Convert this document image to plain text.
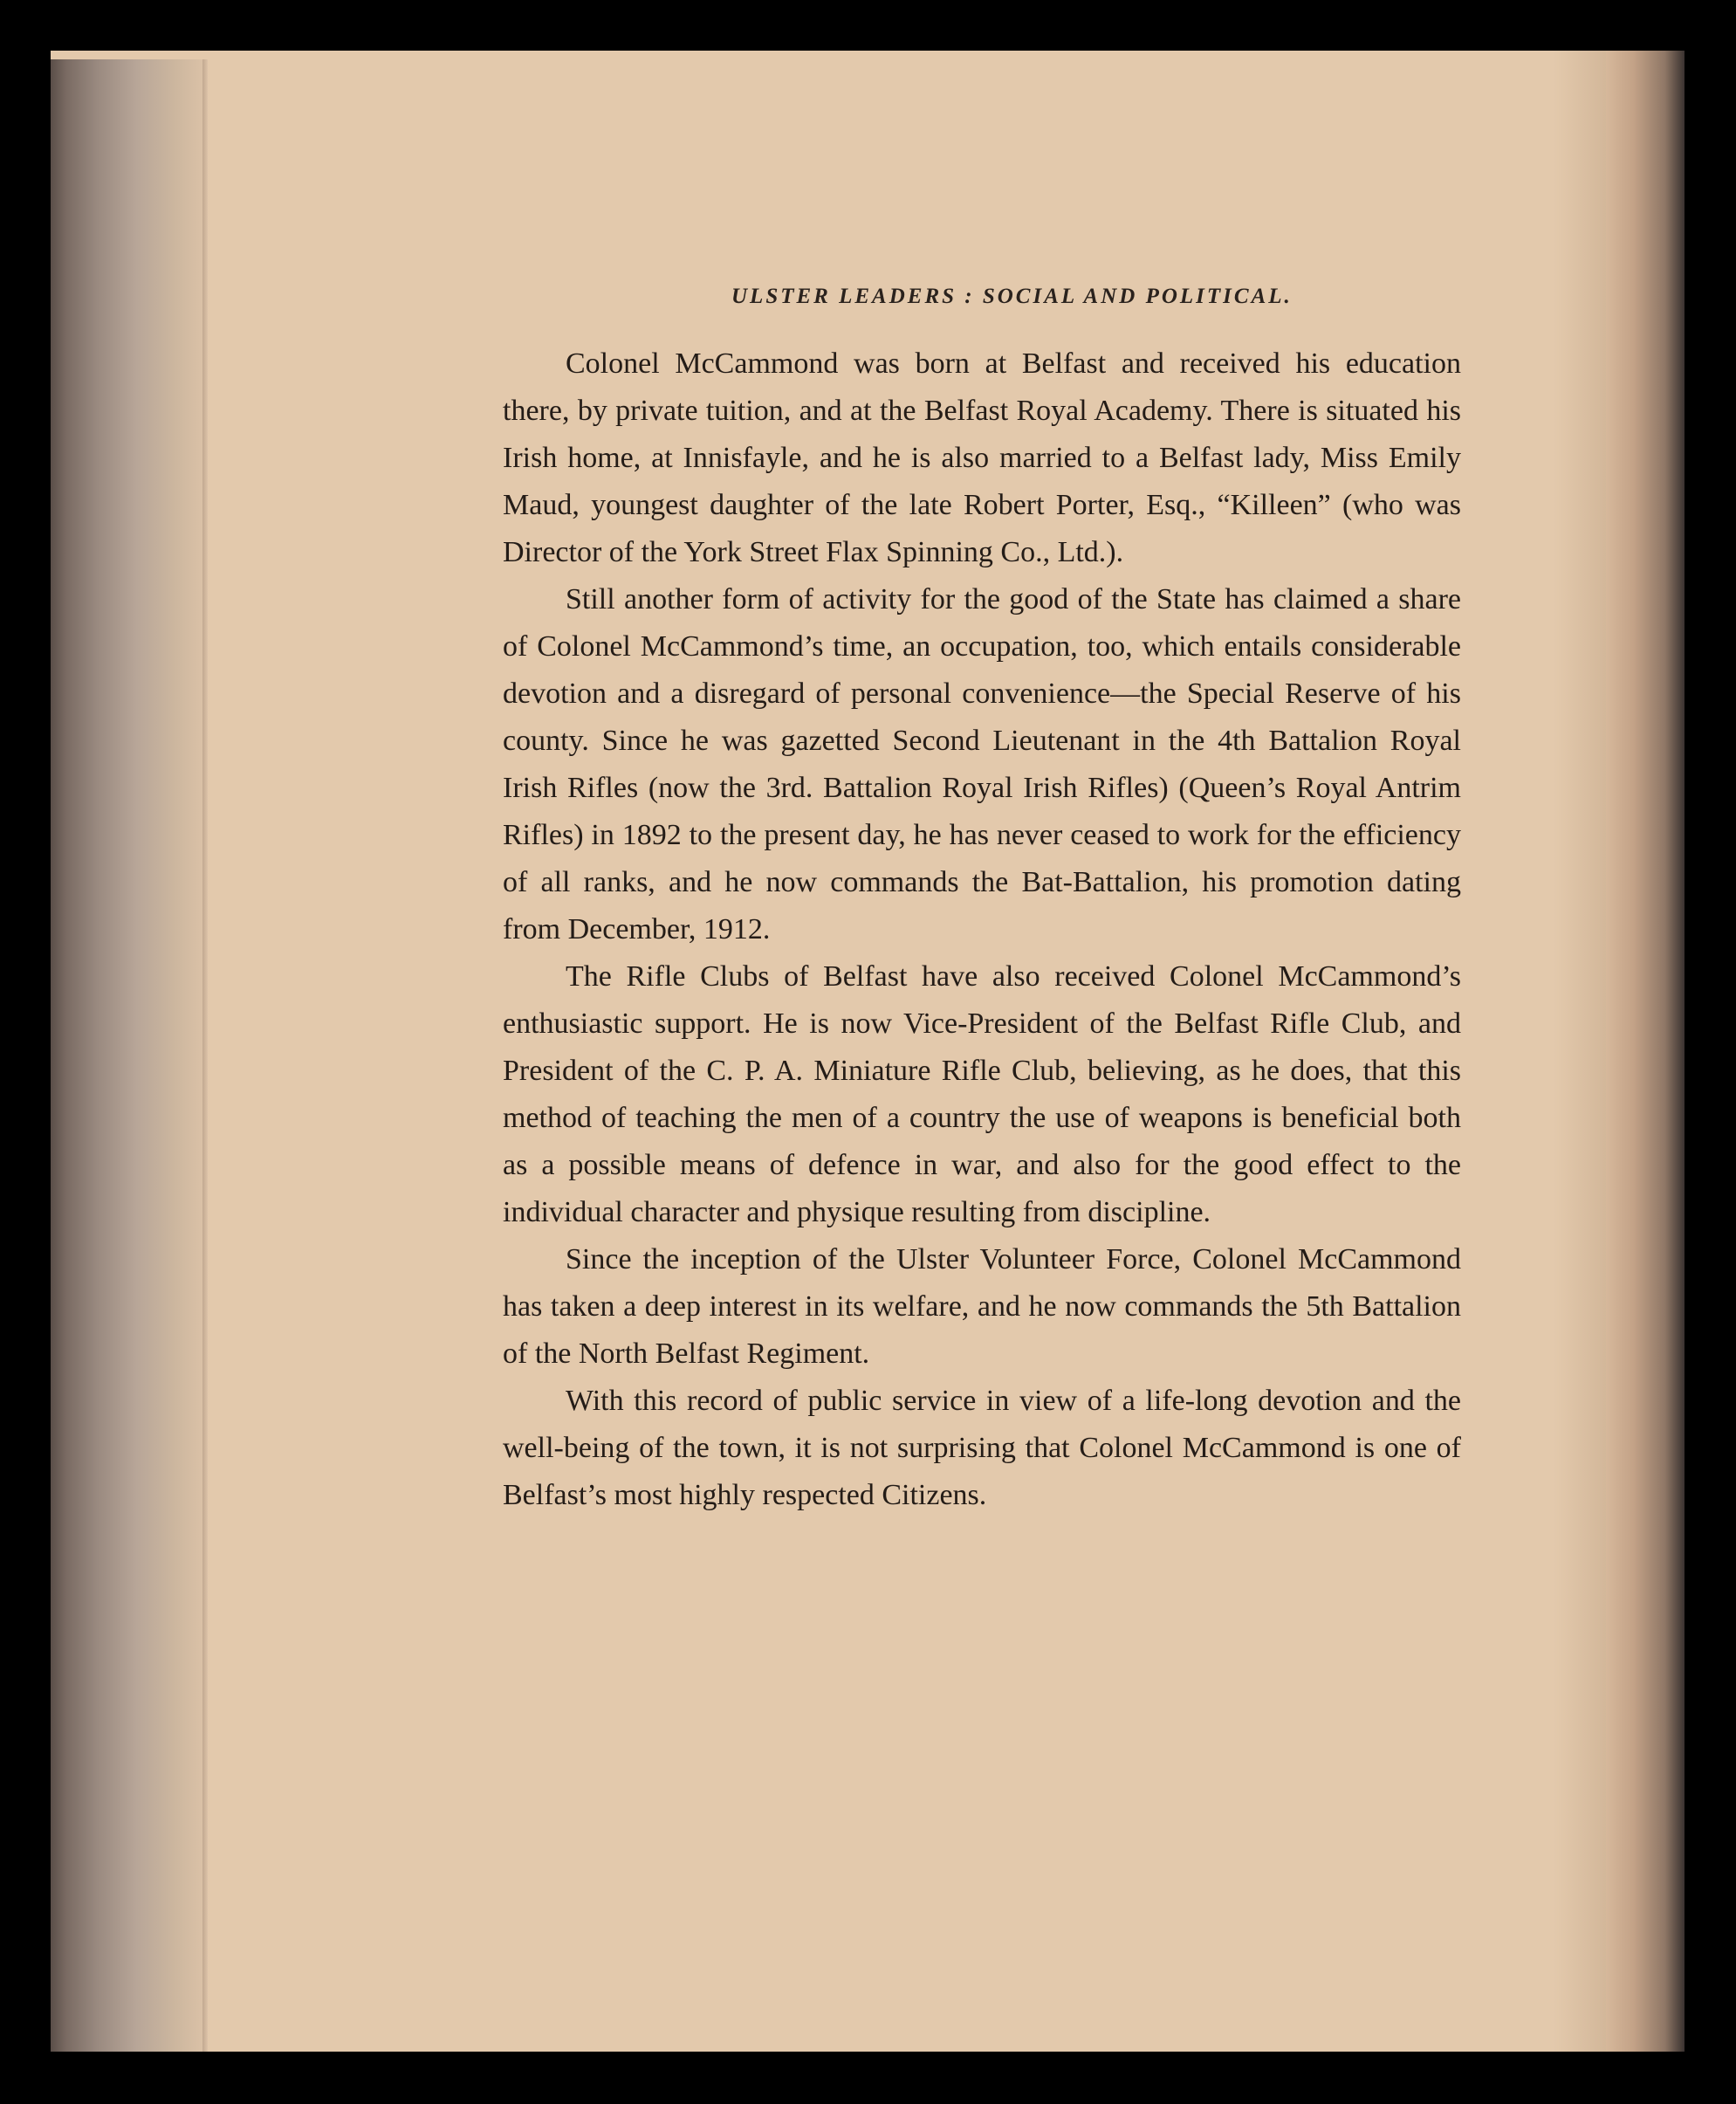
ULSTER LEADERS : SOCIAL AND POLITICAL.

Colonel McCammond was born at Belfast and received his education there, by private tuition, and at the Belfast Royal Academy. There is situated his Irish home, at Innisfayle, and he is also married to a Belfast lady, Miss Emily Maud, youngest daughter of the late Robert Porter, Esq., “Killeen” (who was Director of the York Street Flax Spinning Co., Ltd.).

Still another form of activity for the good of the State has claimed a share of Colonel McCammond’s time, an occupation, too, which entails considerable devotion and a disregard of personal convenience—the Special Reserve of his county. Since he was gazetted Second Lieutenant in the 4th Battalion Royal Irish Rifles (now the 3rd. Battalion Royal Irish Rifles) (Queen’s Royal Antrim Rifles) in 1892 to the present day, he has never ceased to work for the efficiency of all ranks, and he now commands the Bat-Battalion, his promotion dating from December, 1912.

The Rifle Clubs of Belfast have also received Colonel McCammond’s enthusiastic support. He is now Vice-President of the Belfast Rifle Club, and President of the C. P. A. Miniature Rifle Club, believing, as he does, that this method of teaching the men of a country the use of weapons is beneficial both as a possible means of defence in war, and also for the good effect to the individual character and physique resulting from discipline.

Since the inception of the Ulster Volunteer Force, Colonel McCammond has taken a deep interest in its welfare, and he now commands the 5th Battalion of the North Belfast Regiment.

With this record of public service in view of a life-long devotion and the well-being of the town, it is not surprising that Colonel McCammond is one of Belfast’s most highly respected Citizens.
